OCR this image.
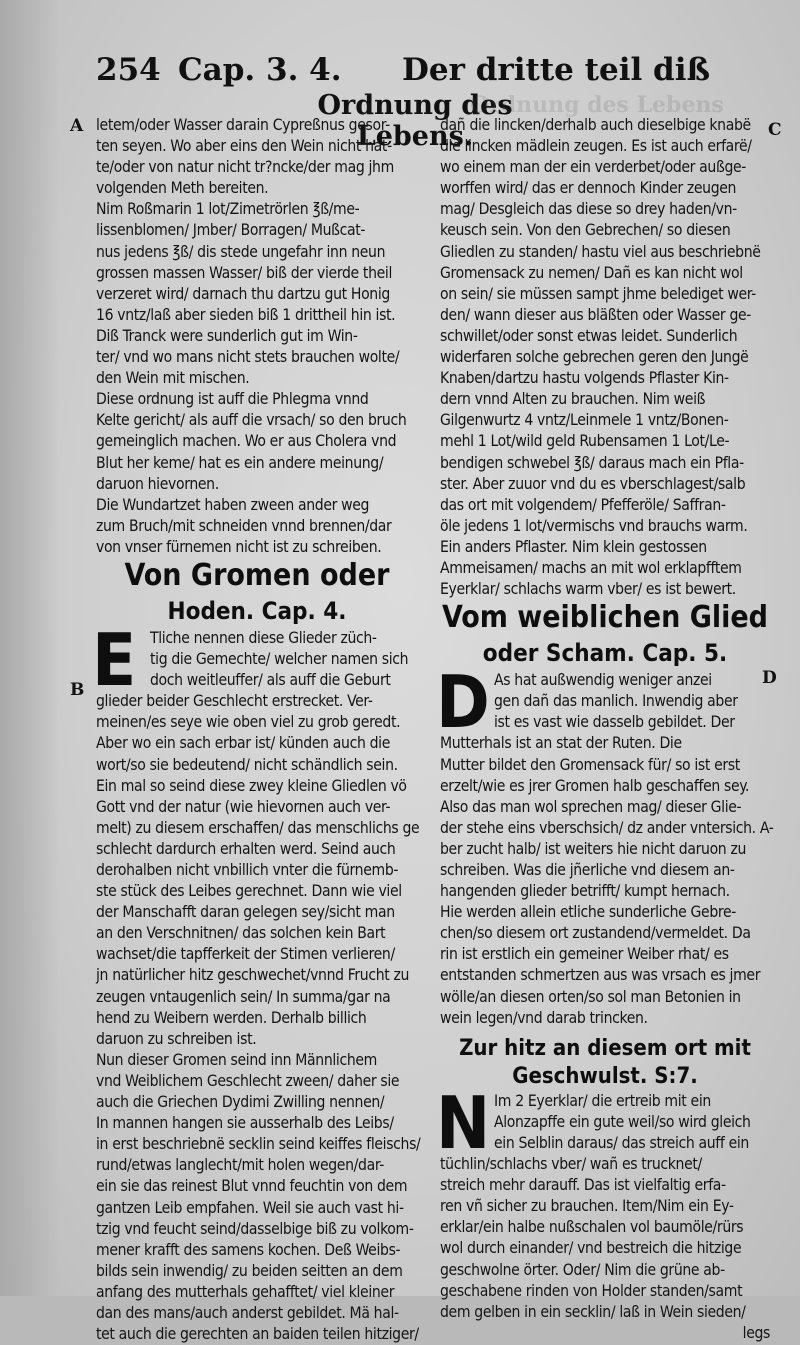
254 Cap. 3. 4. Der dritte teil diß
Ordnung des Lebens.
Ordnung des Lebens
A
B
C
D
letem/oder Wasser darain Cypreßnus gesor-
ten seyen. Wo aber eins den Wein nicht hat-
te/oder von natur nicht tr?ncke/der mag jhm
volgenden Meth bereiten.
Nim Roßmarin 1 lot/Zimetrörlen ℥ß/me-
lissenblomen/ Jmber/ Borragen/ Mußcat-
nus jedens ℥ß/ dis stede ungefahr inn neun
grossen massen Wasser/ biß der vierde theil
verzeret wird/ darnach thu dartzu gut Honig
16 vntz/laß aber sieden biß 1 drittheil hin ist.
Diß Tranck were sunderlich gut im Win-
ter/ vnd wo mans nicht stets brauchen wolte/
den Wein mit mischen.
Diese ordnung ist auff die Phlegma vnnd
Kelte gericht/ als auff die vrsach/ so den bruch
gemeinglich machen. Wo er aus Cholera vnd
Blut her keme/ hat es ein andere meinung/
daruon hievornen.
Die Wundartzet haben zween ander weg
zum Bruch/mit schneiden vnnd brennen/dar
von vnser fürnemen nicht ist zu schreiben.
Von Gromen oder
Hoden. Cap. 4.
E Tliche nennen diese Glieder züch-
tig die Gemechte/ welcher namen sich
doch weitleuffer/ als auff die Geburt
glieder beider Geschlecht erstrecket. Ver-
meinen/es seye wie oben viel zu grob geredt.
Aber wo ein sach erbar ist/ künden auch die
wort/so sie bedeutend/ nicht schändlich sein.
Ein mal so seind diese zwey kleine Gliedlen vö
Gott vnd der natur (wie hievornen auch ver-
melt) zu diesem erschaffen/ das menschlichs ge
schlecht dardurch erhalten werd. Seind auch
derohalben nicht vnbillich vnter die fürnemb-
ste stück des Leibes gerechnet. Dann wie viel
der Manschafft daran gelegen sey/sicht man
an den Verschnitnen/ das solchen kein Bart
wachset/die tapfferkeit der Stimen verlieren/
jn natürlicher hitz geschwechet/vnnd Frucht zu
zeugen vntaugenlich sein/ In summa/gar na
hend zu Weibern werden. Derhalb billich
daruon zu schreiben ist.
Nun dieser Gromen seind inn Männlichem
vnd Weiblichem Geschlecht zween/ daher sie
auch die Griechen Dydimi Zwilling nennen/
In mannen hangen sie ausserhalb des Leibs/
in erst beschriebnë secklin seind keiffes fleischs/
rund/etwas langlecht/mit holen wegen/dar-
ein sie das reinest Blut vnnd feuchtin von dem
gantzen Leib empfahen. Weil sie auch vast hi-
tzig vnd feucht seind/dasselbige biß zu volkom-
mener krafft des samens kochen. Deß Weibs-
bilds sein inwendig/ zu beiden seitten an dem
anfang des mutterhals gehafftet/ viel kleiner
dan des mans/auch anderst gebildet. Mä hal-
tet auch die gerechten an baiden teilen hitziger/
dañ die lincken/derhalb auch dieselbige knabë
die lincken mädlein zeugen. Es ist auch erfarë/
wo einem man der ein verderbet/oder außge-
worffen wird/ das er dennoch Kinder zeugen
mag/ Desgleich das diese so drey haden/vn-
keusch sein. Von den Gebrechen/ so diesen
Gliedlen zu standen/ hastu viel aus beschriebnë
Gromensack zu nemen/ Dañ es kan nicht wol
on sein/ sie müssen sampt jhme belediget wer-
den/ wann dieser aus bläßten oder Wasser ge-
schwillet/oder sonst etwas leidet. Sunderlich
widerfaren solche gebrechen geren den Jungë
Knaben/dartzu hastu volgends Pflaster Kin-
dern vnnd Alten zu brauchen. Nim weiß
Gilgenwurtz 4 vntz/Leinmele 1 vntz/Bonen-
mehl 1 Lot/wild geld Rubensamen 1 Lot/Le-
bendigen schwebel ℥ß/ daraus mach ein Pfla-
ster. Aber zuuor vnd du es vberschlagest/salb
das ort mit volgendem/ Pfefferöle/ Saffran-
öle jedens 1 lot/vermischs vnd brauchs warm.
Ein anders Pflaster. Nim klein gestossen
Ammeisamen/ machs an mit wol erklapfftem
Eyerklar/ schlachs warm vber/ es ist bewert.
Vom weiblichen Glied
oder Scham. Cap. 5.
D As hat außwendig weniger anzei
gen dañ das manlich. Inwendig aber
ist es vast wie dasselb gebildet. Der
Mutterhals ist an stat der Ruten. Die
Mutter bildet den Gromensack für/ so ist erst
erzelt/wie es jrer Gromen halb geschaffen sey.
Also das man wol sprechen mag/ dieser Glie-
der stehe eins vberschsich/ dz ander vntersich. A-
ber zucht halb/ ist weiters hie nicht daruon zu
schreiben. Was die jñerliche vnd diesem an-
hangenden glieder betrifft/ kumpt hernach.
Hie werden allein etliche sunderliche Gebre-
chen/so diesem ort zustandend/vermeldet. Da
rin ist erstlich ein gemeiner Weiber rhat/ es
entstanden schmertzen aus was vrsach es jmer
wölle/an diesen orten/so sol man Betonien in
wein legen/vnd darab trincken.
Zur hitz an diesem ort mit
Geschwulst. S:7.
N Im 2 Eyerklar/ die ertreib mit ein
Alonzapffe ein gute weil/so wird gleich
ein Selblin daraus/ das streich auff ein
tüchlin/schlachs vber/ wañ es trucknet/
streich mehr darauff. Das ist vielfaltig erfa-
ren vñ sicher zu brauchen. Item/Nim ein Ey-
erklar/ein halbe nußschalen vol baumöle/rürs
wol durch einander/ vnd bestreich die hitzige
geschwolne örter. Oder/ Nim die grüne ab-
geschabene rinden von Holder standen/samt
dem gelben in ein secklin/ laß in Wein sieden/
legs
